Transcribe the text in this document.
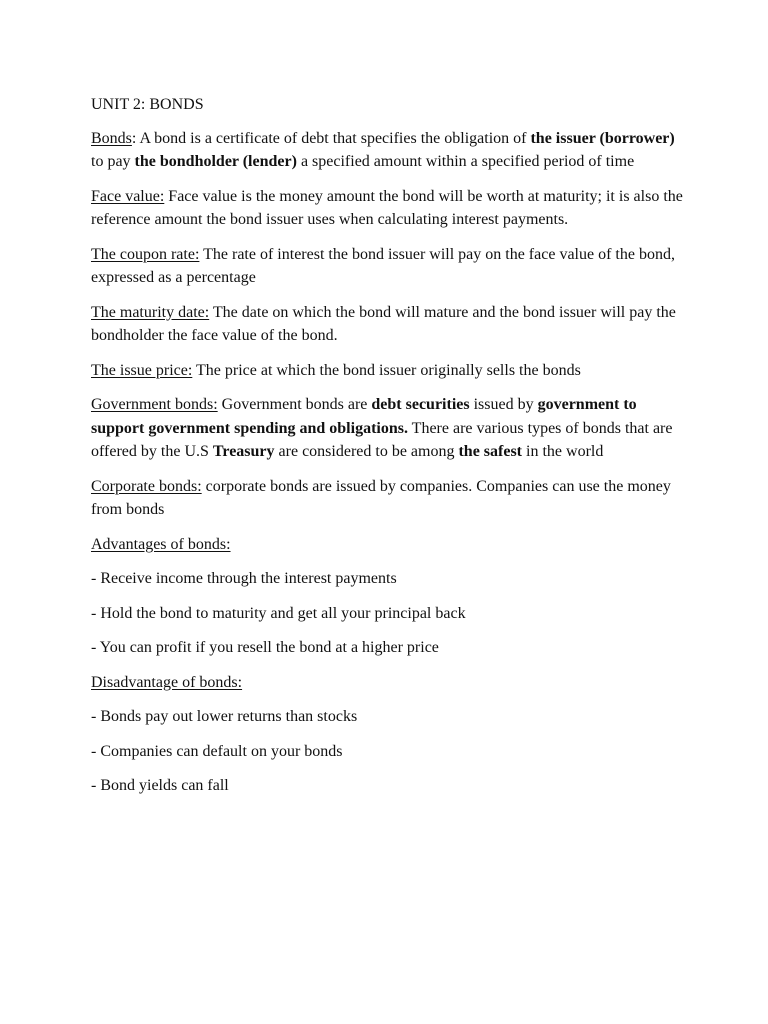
UNIT 2: BONDS

Bonds: A bond is a certificate of debt that specifies the obligation of the issuer (borrower) to pay the bondholder (lender) a specified amount within a specified period of time

Face value: Face value is the money amount the bond will be worth at maturity; it is also the reference amount the bond issuer uses when calculating interest payments.

The coupon rate: The rate of interest the bond issuer will pay on the face value of the bond, expressed as a percentage

The maturity date: The date on which the bond will mature and the bond issuer will pay the bondholder the face value of the bond.

The issue price: The price at which the bond issuer originally sells the bonds

Government bonds: Government bonds are debt securities issued by government to support government spending and obligations. There are various types of bonds that are offered by the U.S Treasury are considered to be among the safest in the world

Corporate bonds: corporate bonds are issued by companies. Companies can use the money from bonds

Advantages of bonds:

- Receive income through the interest payments

- Hold the bond to maturity and get all your principal back

- You can profit if you resell the bond at a higher price

Disadvantage of bonds:

- Bonds pay out lower returns than stocks

- Companies can default on your bonds

- Bond yields can fall
